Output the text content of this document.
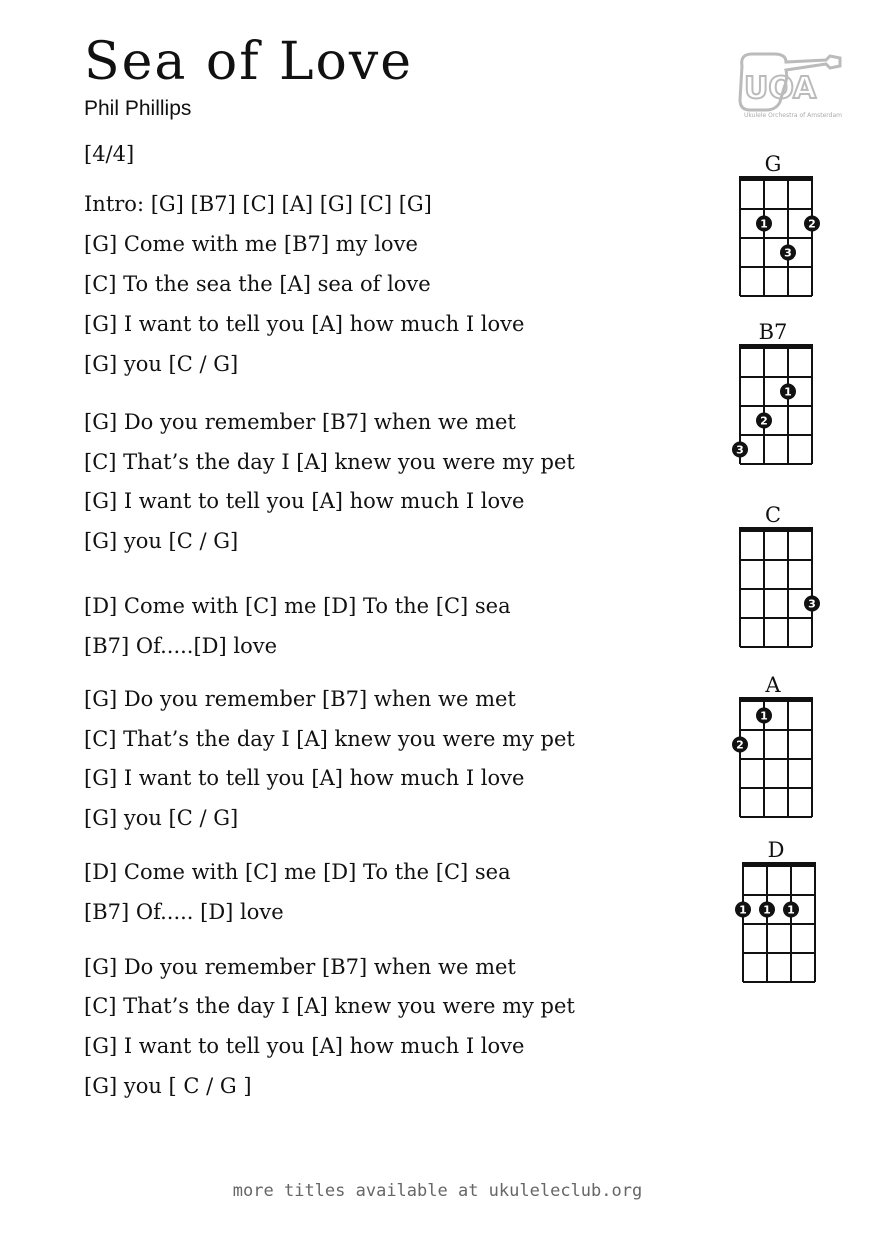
Sea of Love
Phil Phillips
UOA
Ukulele Orchestra of Amsterdam
[4/4]
Intro: [G] [B7] [C] [A] [G] [C] [G]
[G] Come with me [B7] my love
[C] To the sea the [A] sea of love
[G] I want to tell you [A] how much I love
[G] you [C / G]
[G] Do you remember [B7] when we met
[C] That’s the day I [A] knew you were my pet
[G] I want to tell you [A] how much I love
[G] you [C / G]
[D] Come with [C] me [D] To the [C] sea
[B7] Of.....[D] love
[G] Do you remember [B7] when we met
[C] That’s the day I [A] knew you were my pet
[G] I want to tell you [A] how much I love
[G] you [C / G]
[D] Come with [C] me [D] To the [C] sea
[B7] Of..... [D] love
[G] Do you remember [B7] when we met
[C] That’s the day I [A] knew you were my pet
[G] I want to tell you [A] how much I love
[G] you [ C / G ]
G
1	2
3
B7
1
2
3
C
3
A
1
2
D
1 1 1
more titles available at ukuleleclub.org
